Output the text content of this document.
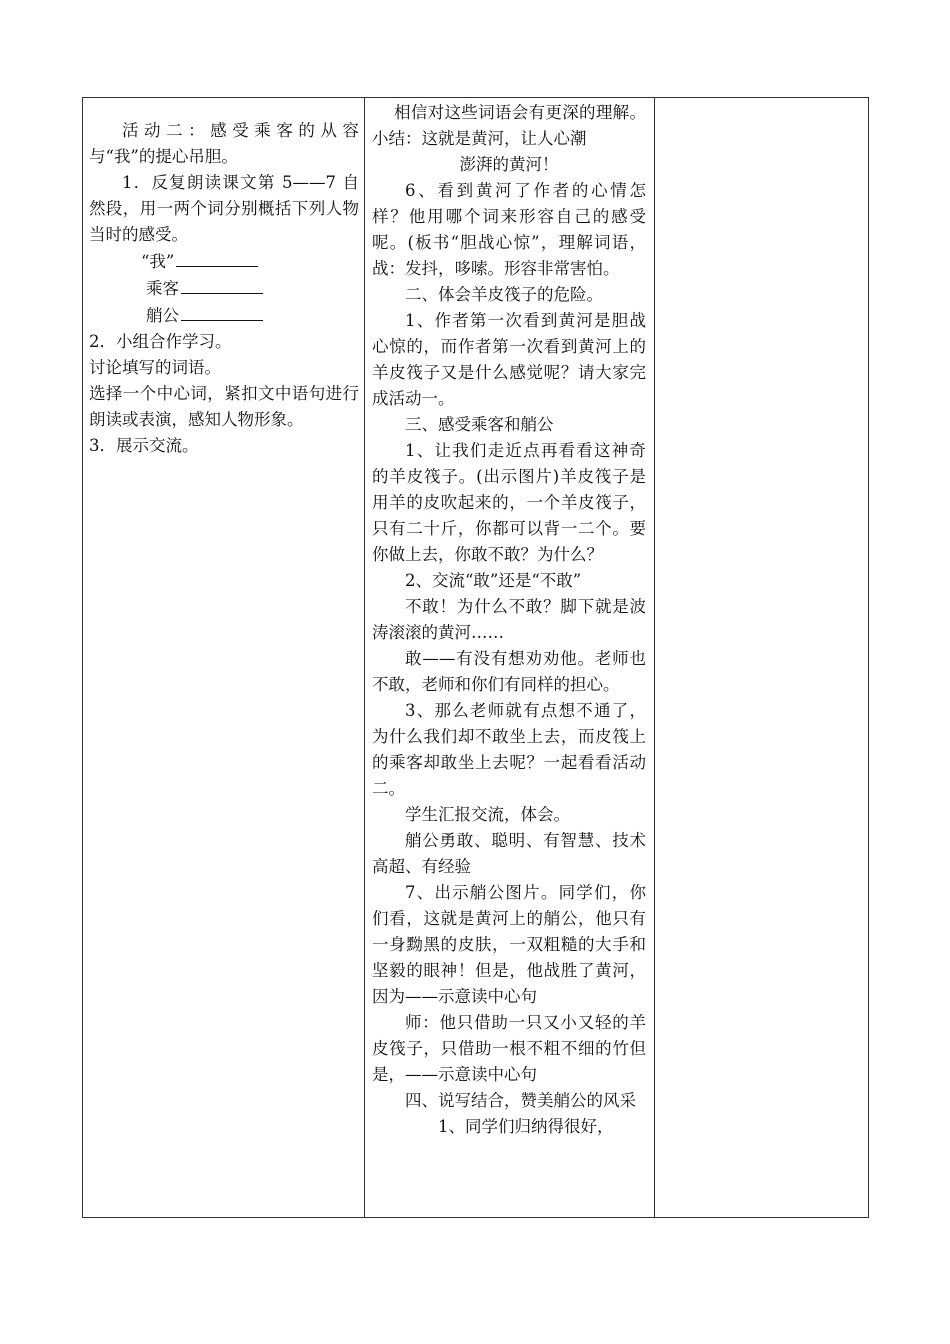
活动二：感受乘客的从容与“我”的提心吊胆。

1．反复朗读课文第 5——7 自然段，用一两个词分别概括下列人物当时的感受。

“我”

乘客

艄公

2．小组合作学习。

讨论填写的词语。

选择一个中心词，紧扣文中语句进行朗读或表演，感知人物形象。

3．展示交流。

相信对这些词语会有更深的理解。小结：这就是黄河，让人心潮

澎湃的黄河！

6、看到黄河了作者的心情怎样？他用哪个词来形容自己的感受呢。(板书“胆战心惊”，理解词语，战：发抖，哆嗦。形容非常害怕。

二、体会羊皮筏子的危险。

1、作者第一次看到黄河是胆战心惊的，而作者第一次看到黄河上的羊皮筏子又是什么感觉呢？请大家完成活动一。

三、感受乘客和艄公

1、让我们走近点再看看这神奇的羊皮筏子。(出示图片)羊皮筏子是用羊的皮吹起来的，一个羊皮筏子，只有二十斤，你都可以背一二个。要你做上去，你敢不敢？为什么？

2、交流“敢”还是“不敢”

不敢！为什么不敢？脚下就是波涛滚滚的黄河……

敢——有没有想劝劝他。老师也不敢，老师和你们有同样的担心。

3、那么老师就有点想不通了，为什么我们却不敢坐上去，而皮筏上的乘客却敢坐上去呢？一起看看活动二。

学生汇报交流，体会。

艄公勇敢、聪明、有智慧、技术高超、有经验

7、出示艄公图片。同学们，你们看，这就是黄河上的艄公，他只有一身黝黑的皮肤，一双粗糙的大手和坚毅的眼神！但是，他战胜了黄河，因为——示意读中心句

师：他只借助一只又小又轻的羊皮筏子，只借助一根不粗不细的竹但是，——示意读中心句

四、说写结合，赞美艄公的风采

1、同学们归纳得很好，
